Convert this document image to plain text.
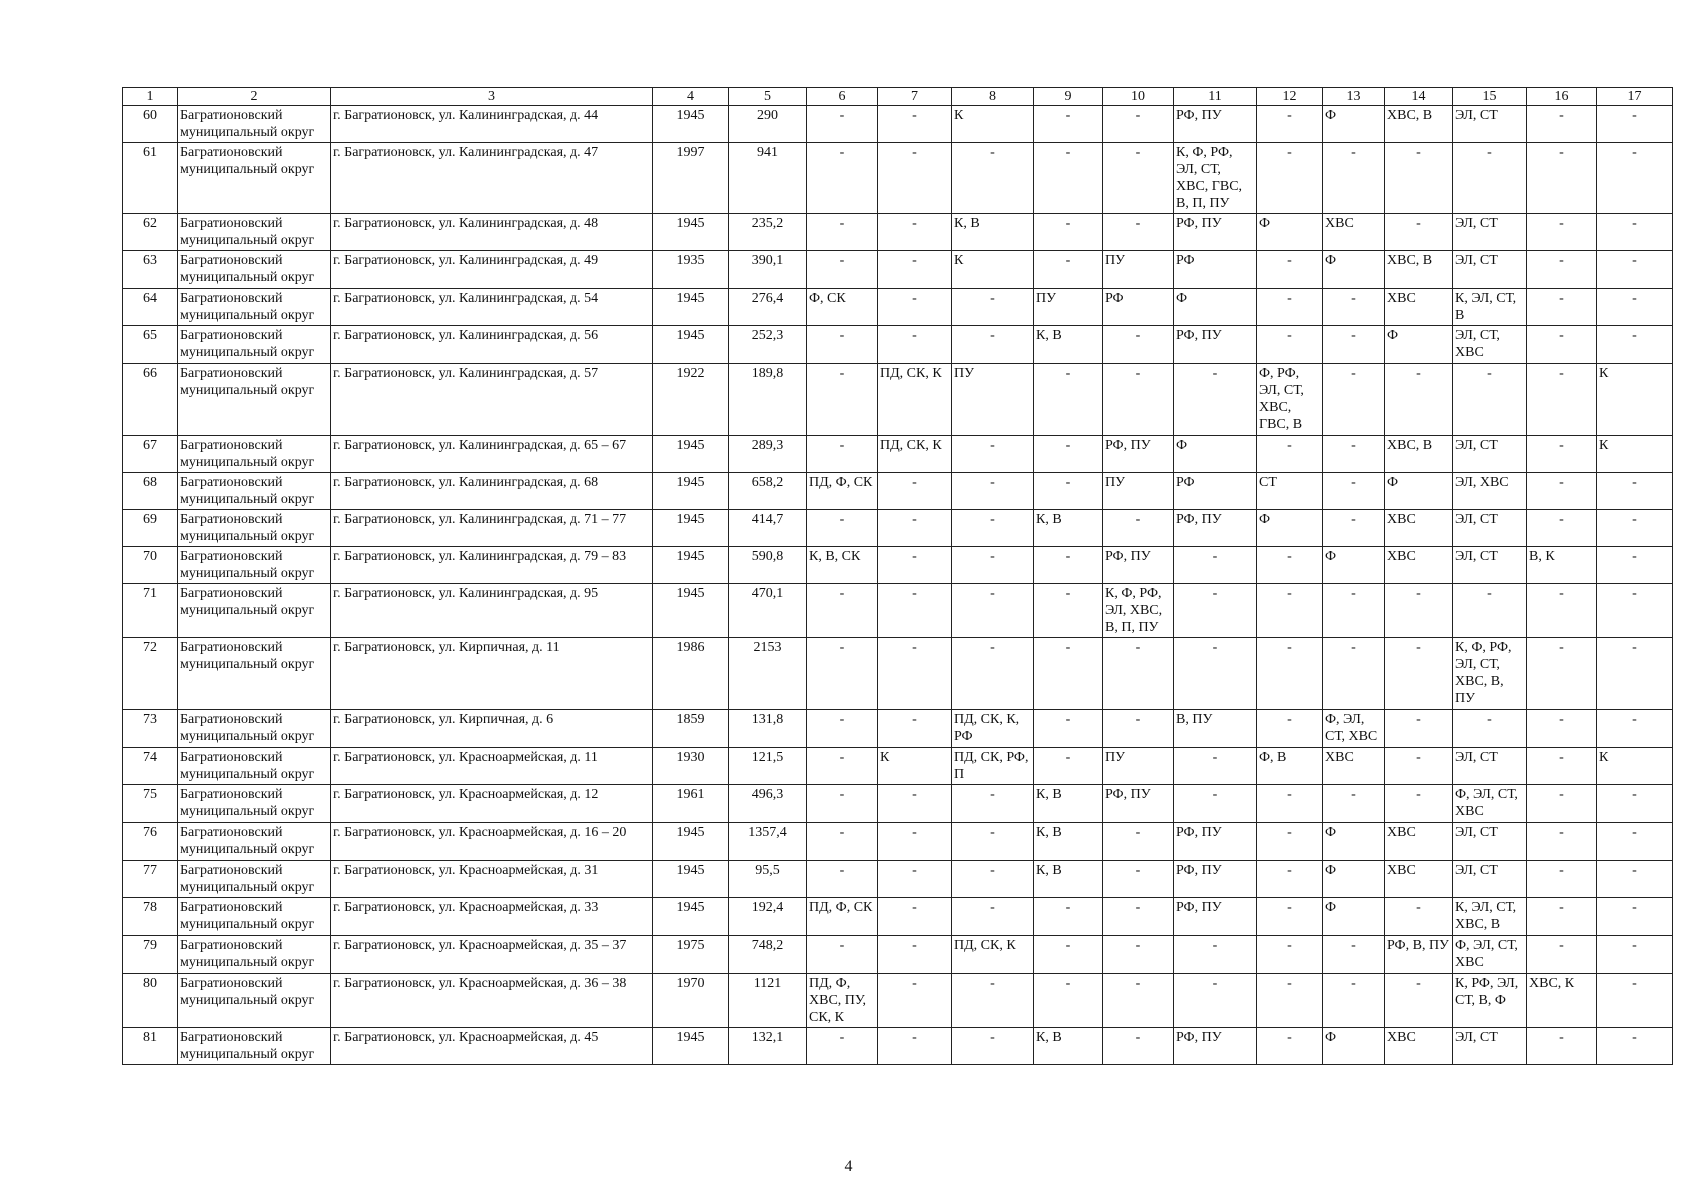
1	2	3	4	5	6	7	8	9	10	11	12	13	14	15	16	17
60	Багратионовский муниципальный округ	г. Багратионовск, ул. Калининградская, д. 44	1945	290	-	-	К	-	-	РФ, ПУ	-	Ф	ХВС, В	ЭЛ, СТ	-	-
61	Багратионовский муниципальный округ	г. Багратионовск, ул. Калининградская, д. 47	1997	941	-	-	-	-	-	К, Ф, РФ, ЭЛ, СТ, ХВС, ГВС, В, П, ПУ	-	-	-	-	-	-
62	Багратионовский муниципальный округ	г. Багратионовск, ул. Калининградская, д. 48	1945	235,2	-	-	К, В	-	-	РФ, ПУ	Ф	ХВС	-	ЭЛ, СТ	-	-
63	Багратионовский муниципальный округ	г. Багратионовск, ул. Калининградская, д. 49	1935	390,1	-	-	К	-	ПУ	РФ	-	Ф	ХВС, В	ЭЛ, СТ	-	-
64	Багратионовский муниципальный округ	г. Багратионовск, ул. Калининградская, д. 54	1945	276,4	Ф, СК	-	-	ПУ	РФ	Ф	-	-	ХВС	К, ЭЛ, СТ, В	-	-
65	Багратионовский муниципальный округ	г. Багратионовск, ул. Калининградская, д. 56	1945	252,3	-	-	-	К, В	-	РФ, ПУ	-	-	Ф	ЭЛ, СТ, ХВС	-	-
66	Багратионовский муниципальный округ	г. Багратионовск, ул. Калининградская, д. 57	1922	189,8	-	ПД, СК, К	ПУ	-	-	-	Ф, РФ, ЭЛ, СТ, ХВС, ГВС, В	-	-	-	-	К
67	Багратионовский муниципальный округ	г. Багратионовск, ул. Калининградская, д. 65 – 67	1945	289,3	-	ПД, СК, К	-	-	РФ, ПУ	Ф	-	-	ХВС, В	ЭЛ, СТ	-	К
68	Багратионовский муниципальный округ	г. Багратионовск, ул. Калининградская, д. 68	1945	658,2	ПД, Ф, СК	-	-	-	ПУ	РФ	СТ	-	Ф	ЭЛ, ХВС	-	-
69	Багратионовский муниципальный округ	г. Багратионовск, ул. Калининградская, д. 71 – 77	1945	414,7	-	-	-	К, В	-	РФ, ПУ	Ф	-	ХВС	ЭЛ, СТ	-	-
70	Багратионовский муниципальный округ	г. Багратионовск, ул. Калининградская, д. 79 – 83	1945	590,8	К, В, СК	-	-	-	РФ, ПУ	-	-	Ф	ХВС	ЭЛ, СТ	В, К	-
71	Багратионовский муниципальный округ	г. Багратионовск, ул. Калининградская, д. 95	1945	470,1	-	-	-	-	К, Ф, РФ, ЭЛ, ХВС, В, П, ПУ	-	-	-	-	-	-	-
72	Багратионовский муниципальный округ	г. Багратионовск, ул. Кирпичная, д. 11	1986	2153	-	-	-	-	-	-	-	-	-	К, Ф, РФ, ЭЛ, СТ, ХВС, В, ПУ	-	-
73	Багратионовский муниципальный округ	г. Багратионовск, ул. Кирпичная, д. 6	1859	131,8	-	-	ПД, СК, К, РФ	-	-	В, ПУ	-	Ф, ЭЛ, СТ, ХВС	-	-	-	-
74	Багратионовский муниципальный округ	г. Багратионовск, ул. Красноармейская, д. 11	1930	121,5	-	К	ПД, СК, РФ, П	-	ПУ	-	Ф, В	ХВС	-	ЭЛ, СТ	-	К
75	Багратионовский муниципальный округ	г. Багратионовск, ул. Красноармейская, д. 12	1961	496,3	-	-	-	К, В	РФ, ПУ	-	-	-	-	Ф, ЭЛ, СТ, ХВС	-	-
76	Багратионовский муниципальный округ	г. Багратионовск, ул. Красноармейская, д. 16 – 20	1945	1357,4	-	-	-	К, В	-	РФ, ПУ	-	Ф	ХВС	ЭЛ, СТ	-	-
77	Багратионовский муниципальный округ	г. Багратионовск, ул. Красноармейская, д. 31	1945	95,5	-	-	-	К, В	-	РФ, ПУ	-	Ф	ХВС	ЭЛ, СТ	-	-
78	Багратионовский муниципальный округ	г. Багратионовск, ул. Красноармейская, д. 33	1945	192,4	ПД, Ф, СК	-	-	-	-	РФ, ПУ	-	Ф	-	К, ЭЛ, СТ, ХВС, В	-	-
79	Багратионовский муниципальный округ	г. Багратионовск, ул. Красноармейская, д. 35 – 37	1975	748,2	-	-	ПД, СК, К	-	-	-	-	-	РФ, В, ПУ	Ф, ЭЛ, СТ, ХВС	-	-
80	Багратионовский муниципальный округ	г. Багратионовск, ул. Красноармейская, д. 36 – 38	1970	1121	ПД, Ф, ХВС, ПУ, СК, К	-	-	-	-	-	-	-	-	К, РФ, ЭЛ, СТ, В, Ф	ХВС, К	-
81	Багратионовский муниципальный округ	г. Багратионовск, ул. Красноармейская, д. 45	1945	132,1	-	-	-	К, В	-	РФ, ПУ	-	Ф	ХВС	ЭЛ, СТ	-	-
4
